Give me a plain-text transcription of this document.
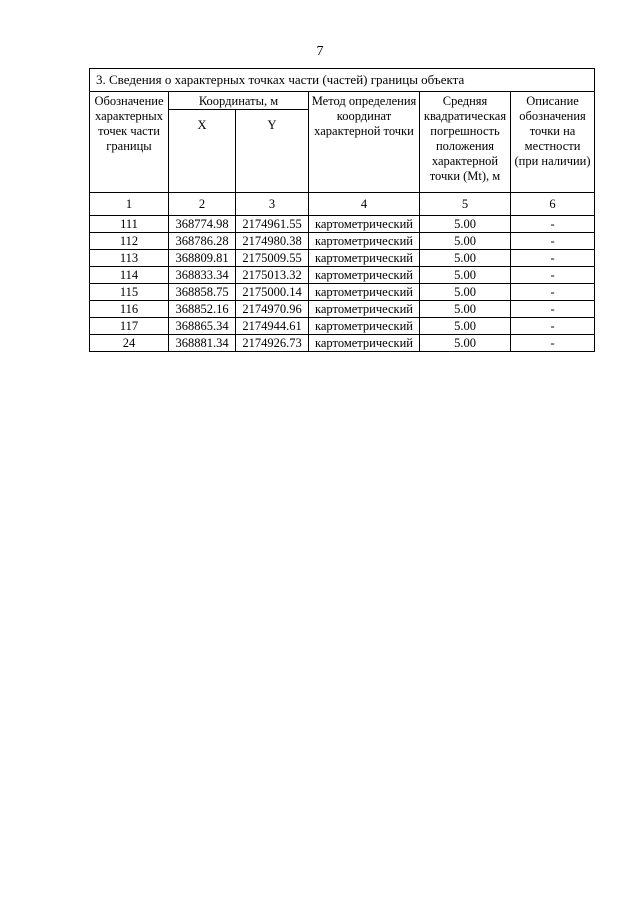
7
3. Сведения о характерных точках части (частей) границы объекта					
Обозначение характерных точек части границы	Координаты, м		Метод определения координат характерной точки	Средняя квадратическая погрешность положения характерной точки (Mt), м	Описание обозначения точки на местности (при наличии)
	X	Y			
1	2	3	4	5	6
111	368774.98	2174961.55	картометрический	5.00	-
112	368786.28	2174980.38	картометрический	5.00	-
113	368809.81	2175009.55	картометрический	5.00	-
114	368833.34	2175013.32	картометрический	5.00	-
115	368858.75	2175000.14	картометрический	5.00	-
116	368852.16	2174970.96	картометрический	5.00	-
117	368865.34	2174944.61	картометрический	5.00	-
24	368881.34	2174926.73	картометрический	5.00	-
